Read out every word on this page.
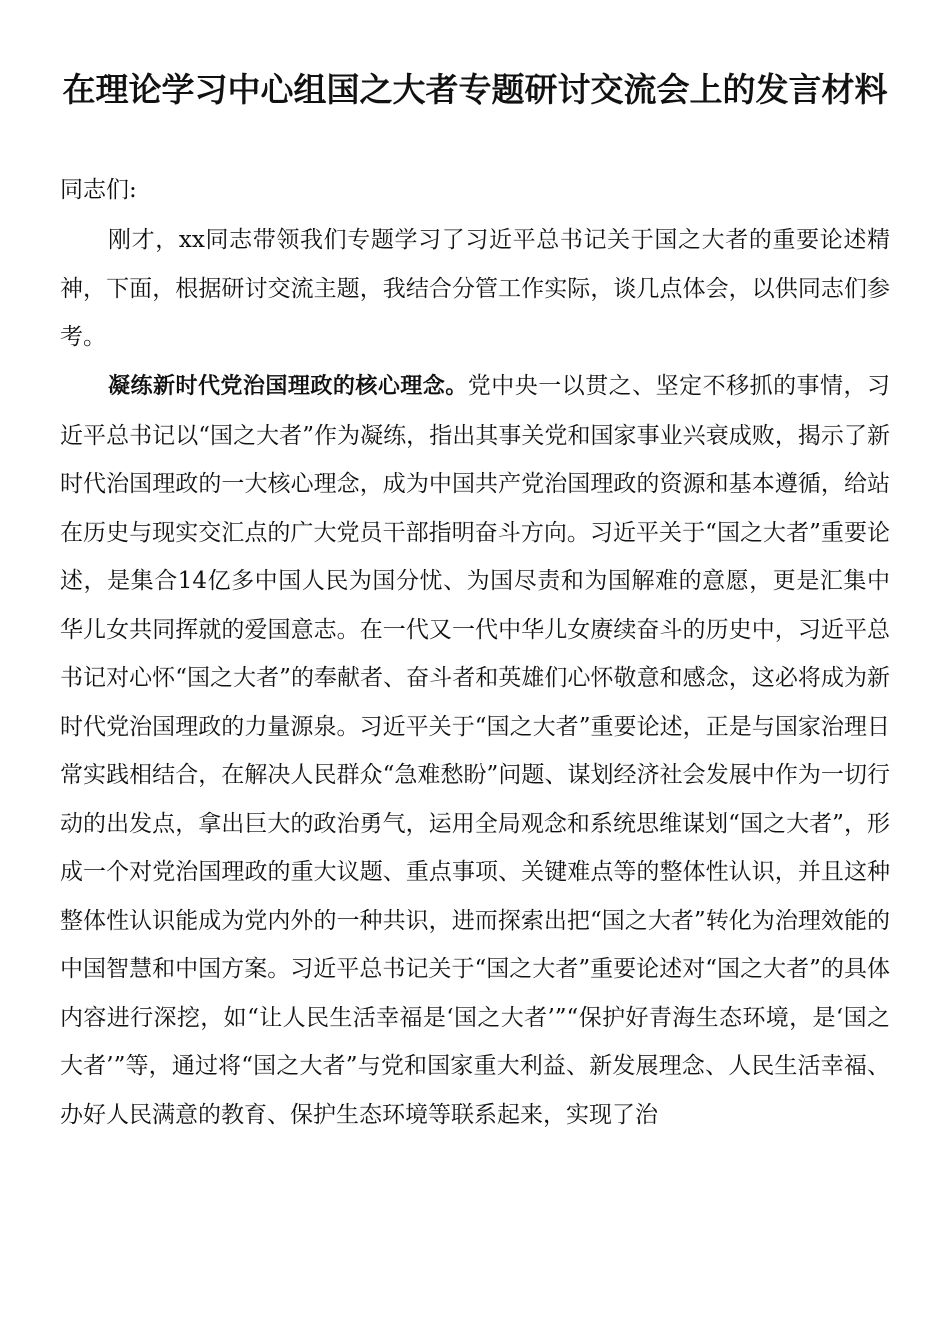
在理论学习中心组国之大者专题研讨交流会上的发言材料

同志们:

刚才，xx同志带领我们专题学习了习近平总书记关于国之大者的重要论述精神，下面，根据研讨交流主题，我结合分管工作实际，谈几点体会，以供同志们参考。

凝练新时代党治国理政的核心理念。党中央一以贯之、坚定不移抓的事情，习近平总书记以“国之大者”作为凝练，指出其事关党和国家事业兴衰成败，揭示了新时代治国理政的一大核心理念，成为中国共产党治国理政的资源和基本遵循，给站在历史与现实交汇点的广大党员干部指明奋斗方向。习近平关于“国之大者”重要论述，是集合14亿多中国人民为国分忧、为国尽责和为国解难的意愿，更是汇集中华儿女共同挥就的爱国意志。在一代又一代中华儿女赓续奋斗的历史中，习近平总书记对心怀“国之大者”的奉献者、奋斗者和英雄们心怀敬意和感念，这必将成为新时代党治国理政的力量源泉。习近平关于“国之大者”重要论述，正是与国家治理日常实践相结合，在解决人民群众“急难愁盼”问题、谋划经济社会发展中作为一切行动的出发点，拿出巨大的政治勇气，运用全局观念和系统思维谋划“国之大者”，形成一个对党治国理政的重大议题、重点事项、关键难点等的整体性认识，并且这种整体性认识能成为党内外的一种共识，进而探索出把“国之大者”转化为治理效能的中国智慧和中国方案。习近平总书记关于“国之大者”重要论述对“国之大者”的具体内容进行深挖，如“让人民生活幸福是‘国之大者’”“保护好青海生态环境，是‘国之大者’”等，通过将“国之大者”与党和国家重大利益、新发展理念、人民生活幸福、办好人民满意的教育、保护生态环境等联系起来，实现了治
